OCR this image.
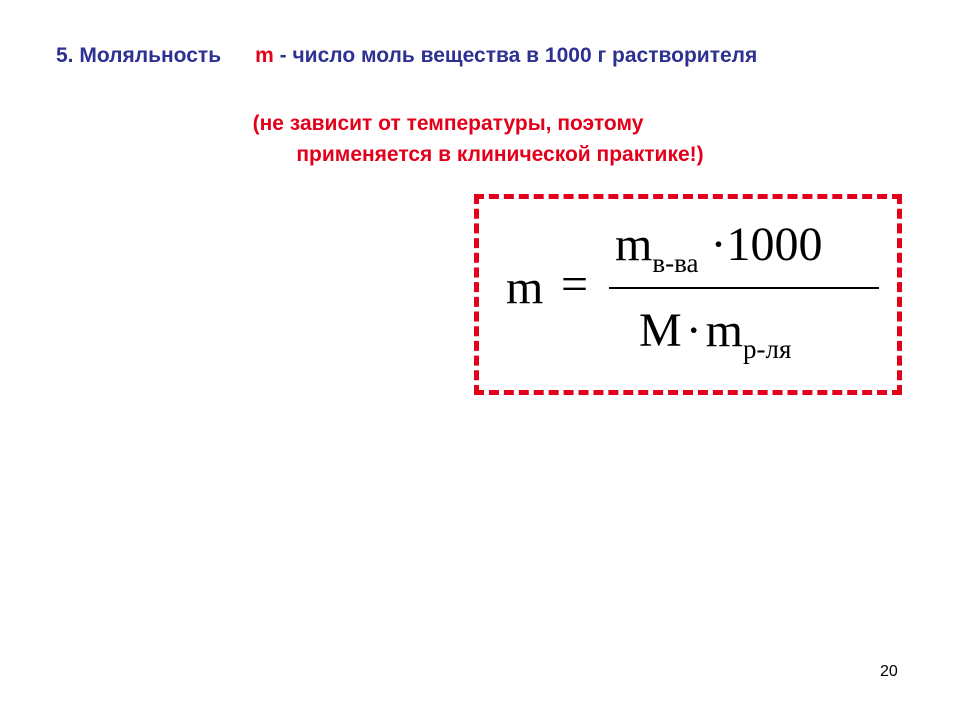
5. Моляльность m - число моль вещества в 1000 г растворителя
(не зависит от температуры, поэтому
применяется в клинической практике!)
m =
$m_{в-ва} \cdot 1000$
$M\cdot m_{р-ля}$
20
